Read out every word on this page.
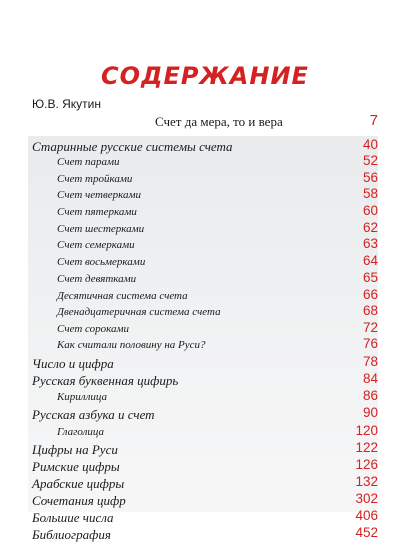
СОДЕРЖАНИЕ
Ю.В. Якутин
Счет да мера, то и вера	7
Старинные русские системы счета	40
Счет парами	52
Счет тройками	56
Счет четверками	58
Счет пятерками	60
Счет шестерками	62
Счет семерками	63
Счет восьмерками	64
Счет девятками	65
Десятичная система счета	66
Двенадцатеричная система счета	68
Счет сороками	72
Как считали половину на Руси?	76
Число и цифра	78
Русская буквенная цифирь	84
Кириллица	86
Русская азбука и счет	90
Глаголица	120
Цифры на Руси	122
Римские цифры	126
Арабские цифры	132
Сочетания цифр	302
Большие числа	406
Библиография	452
